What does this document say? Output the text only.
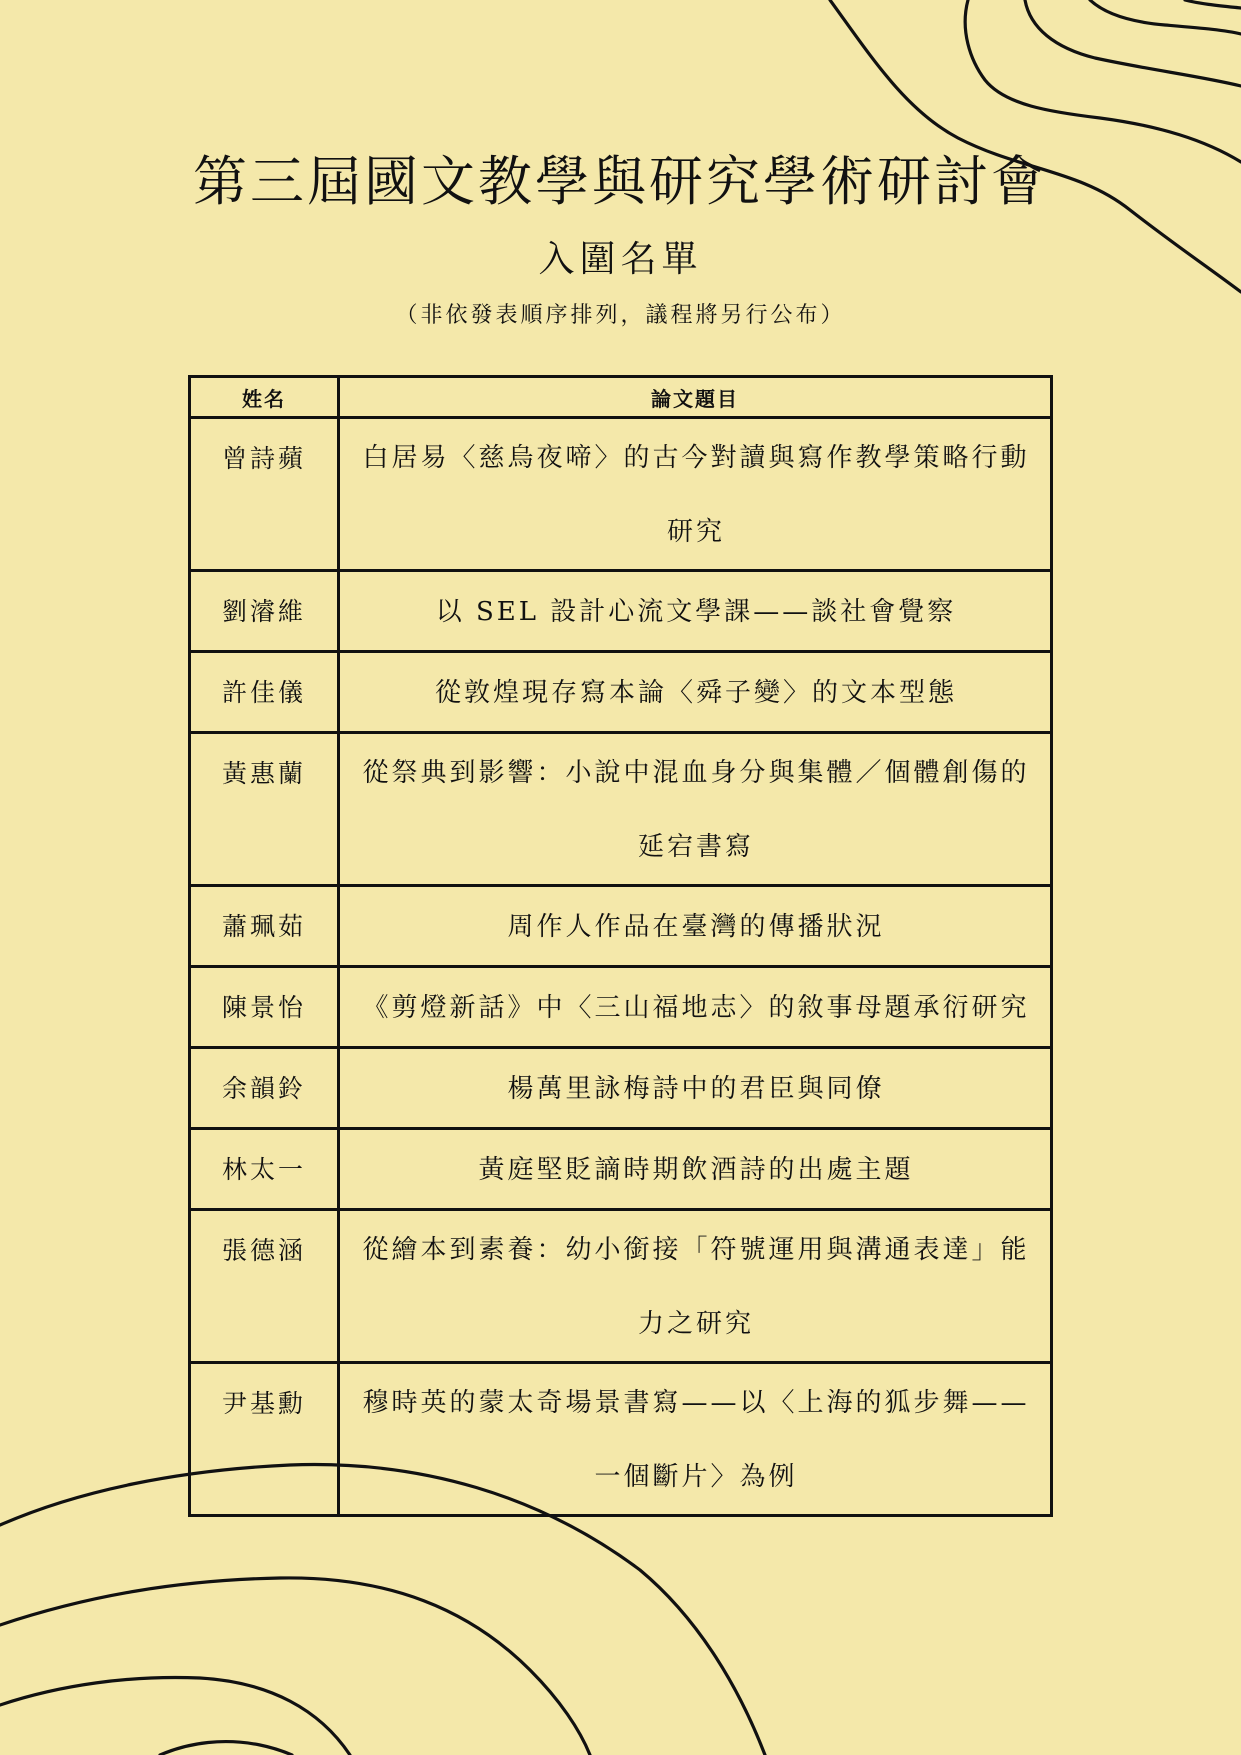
第三屆國文教學與研究學術研討會
入圍名單
（非依發表順序排列，議程將另行公布）
姓名	論文題目
曾詩蘋	白居易〈慈烏夜啼〉的古今對讀與寫作教學策略行動研究
劉濬維	以 SEL 設計心流文學課——談社會覺察
許佳儀	從敦煌現存寫本論〈舜子變〉的文本型態
黃惠蘭	從祭典到影響：小說中混血身分與集體／個體創傷的延宕書寫
蕭珮茹	周作人作品在臺灣的傳播狀況
陳景怡	《剪燈新話》中〈三山福地志〉的敘事母題承衍研究
余韻鈴	楊萬里詠梅詩中的君臣與同僚
林太一	黃庭堅貶謫時期飲酒詩的出處主題
張德涵	從繪本到素養：幼小銜接「符號運用與溝通表達」能力之研究
尹基勳	穆時英的蒙太奇場景書寫——以〈上海的狐步舞——一個斷片〉為例
